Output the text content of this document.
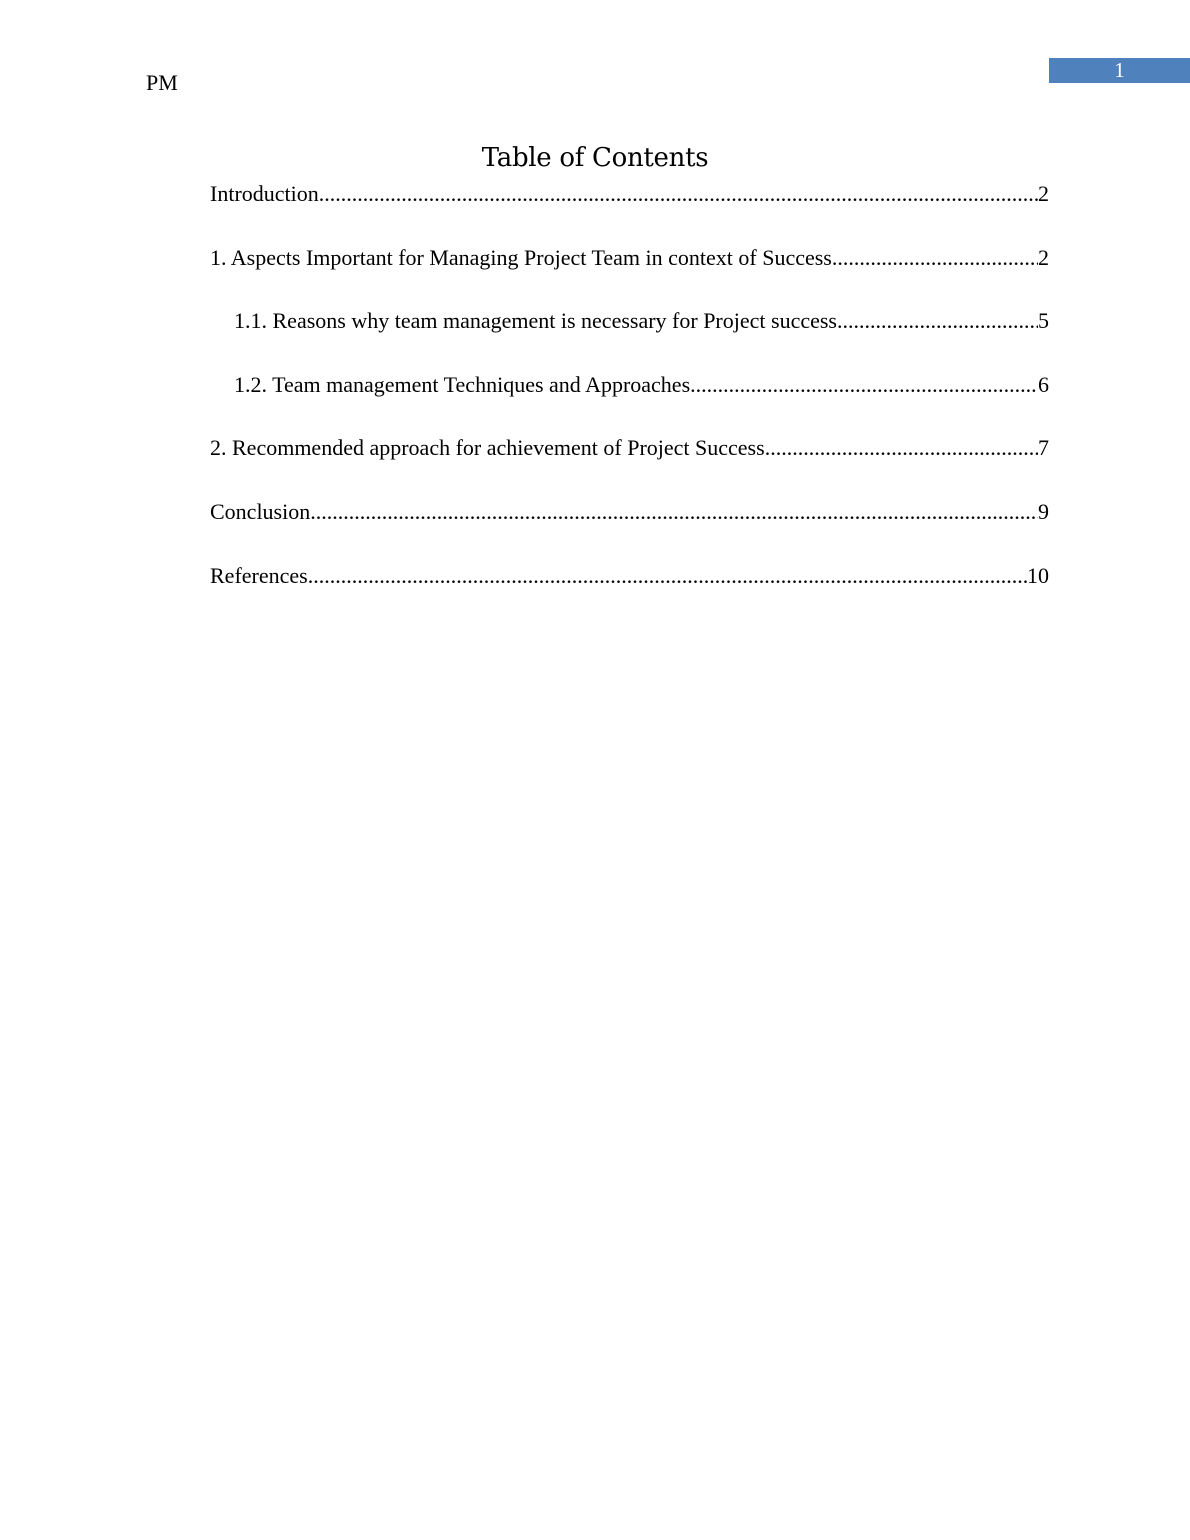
PM	1
Table of Contents
Introduction .....	2
1. Aspects Important for Managing Project Team in context of Success .....	2
1.1. Reasons why team management is necessary for Project success .....	5
1.2. Team management Techniques and Approaches .....	6
2. Recommended approach for achievement of Project Success .....	7
Conclusion .....	9
References .....	10
